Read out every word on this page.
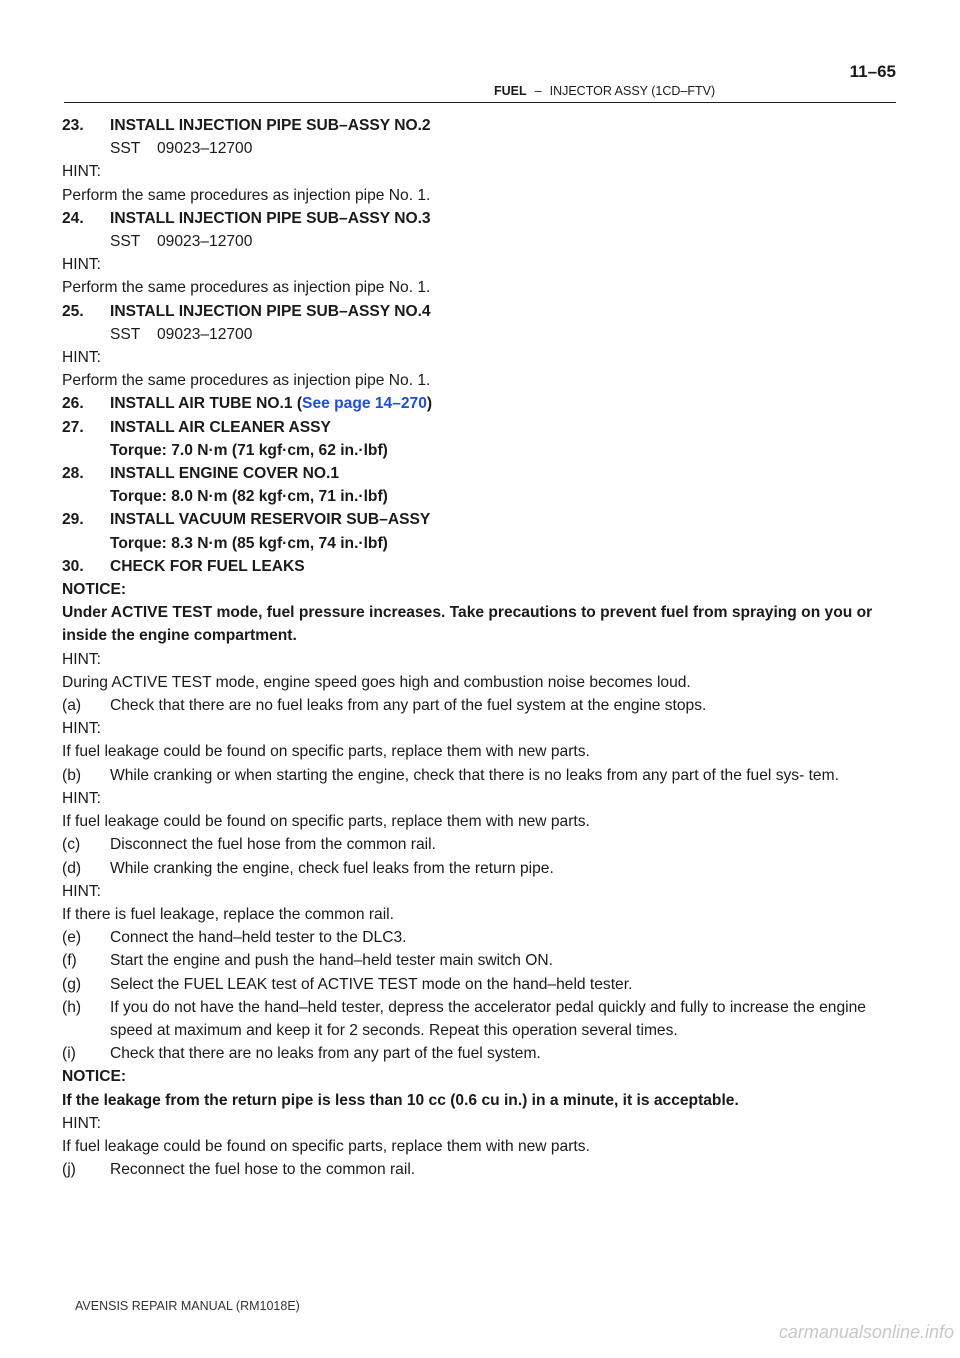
FUEL – INJECTOR ASSY (1CD–FTV)
11–65
23. INSTALL INJECTION PIPE SUB–ASSY NO.2
SST 09023–12700
HINT:
Perform the same procedures as injection pipe No. 1.
24. INSTALL INJECTION PIPE SUB–ASSY NO.3
SST 09023–12700
HINT:
Perform the same procedures as injection pipe No. 1.
25. INSTALL INJECTION PIPE SUB–ASSY NO.4
SST 09023–12700
HINT:
Perform the same procedures as injection pipe No. 1.
26. INSTALL AIR TUBE NO.1 (See page 14–270)
27. INSTALL AIR CLEANER ASSY
Torque: 7.0 N·m (71 kgf·cm, 62 in.·lbf)
28. INSTALL ENGINE COVER NO.1
Torque: 8.0 N·m (82 kgf·cm, 71 in.·lbf)
29. INSTALL VACUUM RESERVOIR SUB–ASSY
Torque: 8.3 N·m (85 kgf·cm, 74 in.·lbf)
30. CHECK FOR FUEL LEAKS
NOTICE:
Under ACTIVE TEST mode, fuel pressure increases. Take precautions to prevent fuel from spraying on you or inside the engine compartment.
HINT:
During ACTIVE TEST mode, engine speed goes high and combustion noise becomes loud.
(a)	Check that there are no fuel leaks from any part of the fuel system at the engine stops.
HINT:
If fuel leakage could be found on specific parts, replace them with new parts.
(b)	While cranking or when starting the engine, check that there is no leaks from any part of the fuel sys- tem.
HINT:
If fuel leakage could be found on specific parts, replace them with new parts.
(c)	Disconnect the fuel hose from the common rail.
(d)	While cranking the engine, check fuel leaks from the return pipe.
HINT:
If there is fuel leakage, replace the common rail.
(e)	Connect the hand–held tester to the DLC3.
(f)	Start the engine and push the hand–held tester main switch ON.
(g)	Select the FUEL LEAK test of ACTIVE TEST mode on the hand–held tester.
(h)	If you do not have the hand–held tester, depress the accelerator pedal quickly and fully to increase the engine speed at maximum and keep it for 2 seconds. Repeat this operation several times.
(i)	Check that there are no leaks from any part of the fuel system.
NOTICE:
If the leakage from the return pipe is less than 10 cc (0.6 cu in.) in a minute, it is acceptable.
HINT:
If fuel leakage could be found on specific parts, replace them with new parts.
(j)	Reconnect the fuel hose to the common rail.
AVENSIS REPAIR MANUAL (RM1018E)
carmanualsonline.info
